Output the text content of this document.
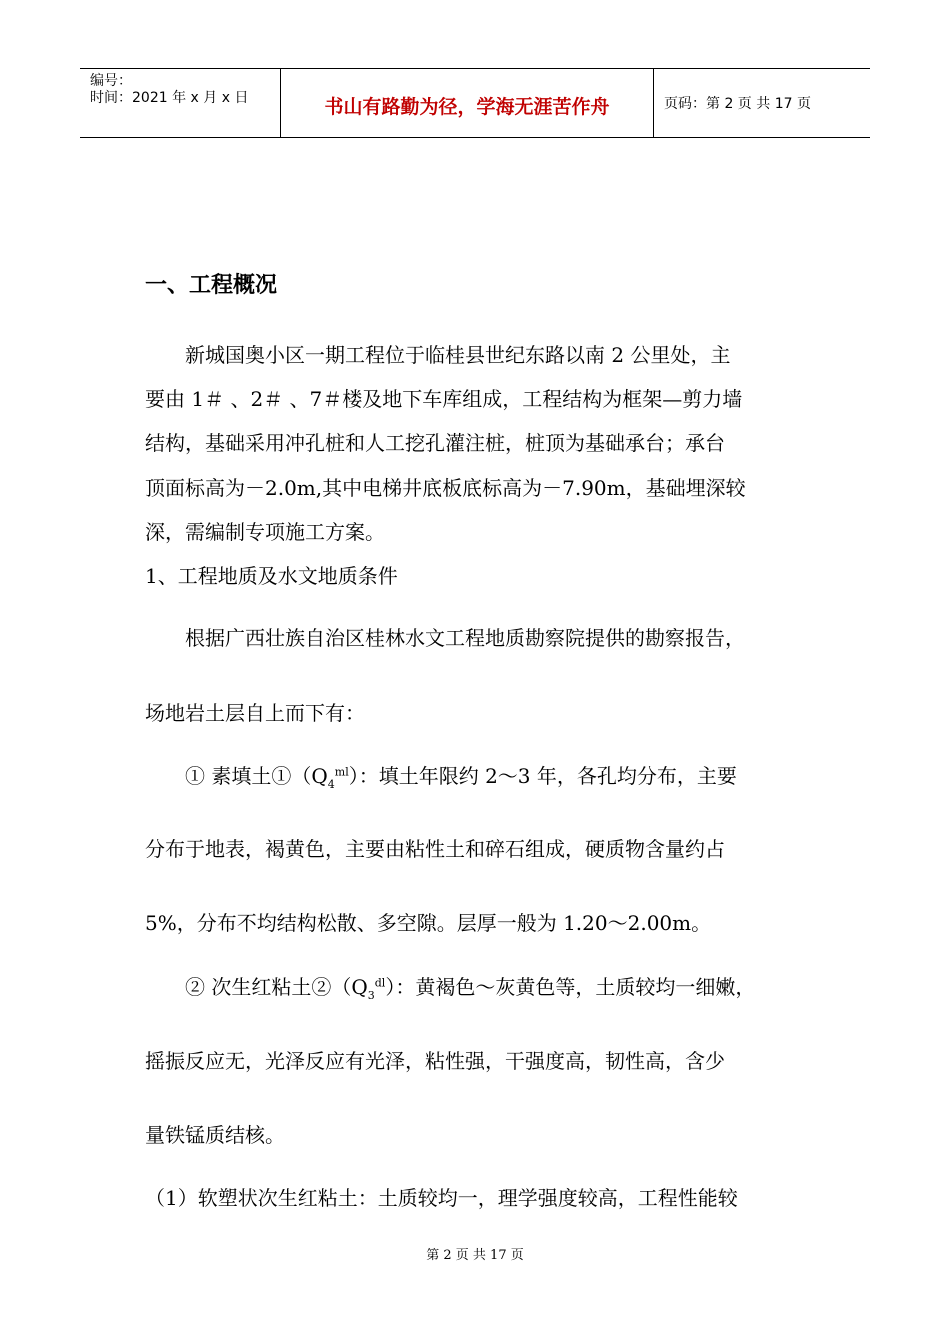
编号：
时间：2021 年 x 月 x 日	书山有路勤为径，学海无涯苦作舟	页码：第 2 页 共 17 页
一、工程概况
　　新城国奥小区一期工程位于临桂县世纪东路以南 2 公里处，主
要由 1＃ 、2＃ 、7＃楼及地下车库组成，工程结构为框架—剪力墙
结构，基础采用冲孔桩和人工挖孔灌注桩，桩顶为基础承台；承台
顶面标高为－2.0m,其中电梯井底板底标高为－7.90m，基础埋深较
深，需编制专项施工方案。
1、工程地质及水文地质条件
　　根据广西壮族自治区桂林水文工程地质勘察院提供的勘察报告，
场地岩土层自上而下有：
　　① 素填土$①(Q_4^{ml})$：填土年限约 2～3 年，各孔均分布，主要
分布于地表，褐黄色，主要由粘性土和碎石组成，硬质物含量约占
5%，分布不均结构松散、多空隙。层厚一般为 1.20～2.00m。
　　② 次生红粘土$②(Q_3^{dl})$：黄褐色～灰黄色等，土质较均一细嫩，
摇振反应无，光泽反应有光泽，粘性强，干强度高，韧性高，含少
量铁锰质结核。
（1）软塑状次生红粘土：土质较均一，理学强度较高，工程性能较
第 2 页 共 17 页
